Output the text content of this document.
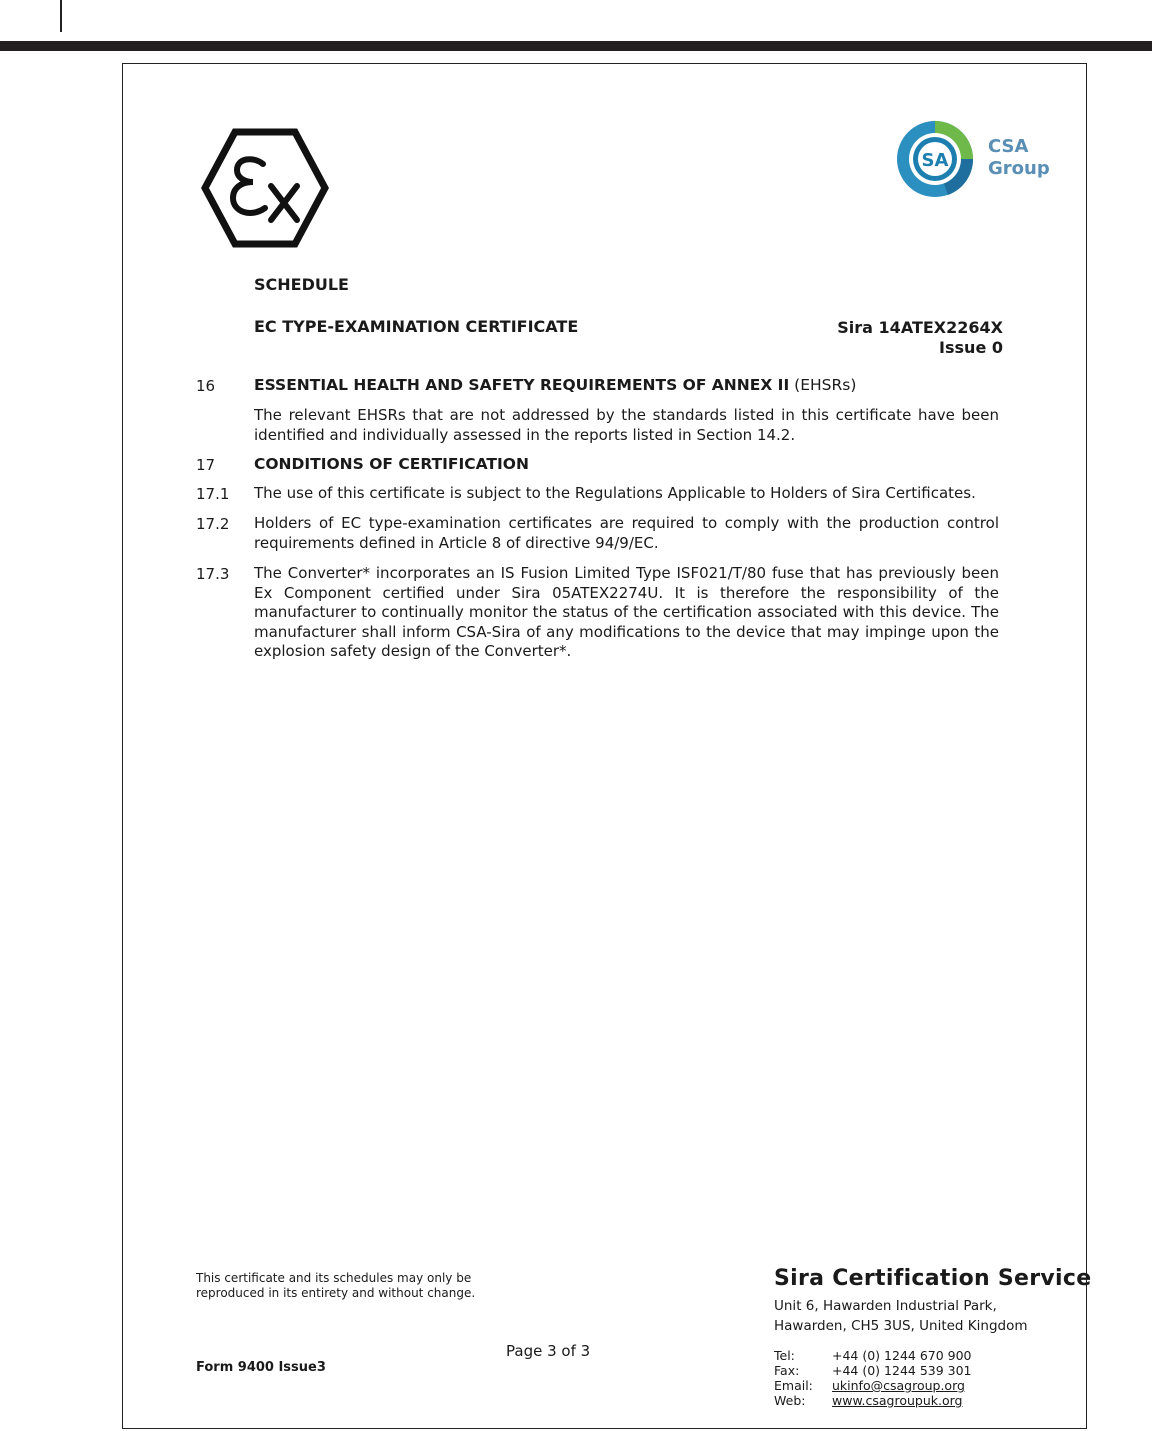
Ex
SA
CSA
Group
SCHEDULE
EC TYPE-EXAMINATION CERTIFICATE	Sira 14ATEX2264X
Issue 0
16	ESSENTIAL HEALTH AND SAFETY REQUIREMENTS OF ANNEX II (EHSRs)
The relevant EHSRs that are not addressed by the standards listed in this certificate have been identified and individually assessed in the reports listed in Section 14.2.
17	CONDITIONS OF CERTIFICATION
17.1 The use of this certificate is subject to the Regulations Applicable to Holders of Sira Certificates.
17.2 Holders of EC type-examination certificates are required to comply with the production control requirements defined in Article 8 of directive 94/9/EC.
17.3 The Converter* incorporates an IS Fusion Limited Type ISF021/T/80 fuse that has previously been Ex Component certified under Sira 05ATEX2274U. It is therefore the responsibility of the manufacturer to continually monitor the status of the certification associated with this device. The manufacturer shall inform CSA-Sira of any modifications to the device that may impinge upon the explosion safety design of the Converter*.
This certificate and its schedules may only be
reproduced in its entirety and without change.
Form 9400 Issue3
Page 3 of 3
Sira Certification Service
Unit 6, Hawarden Industrial Park,
Hawarden, CH5 3US, United Kingdom
Tel:	+44 (0) 1244 670 900
Fax:	+44 (0) 1244 539 301
Email: ukinfo@csagroup.org
Web: www.csagroupuk.org
